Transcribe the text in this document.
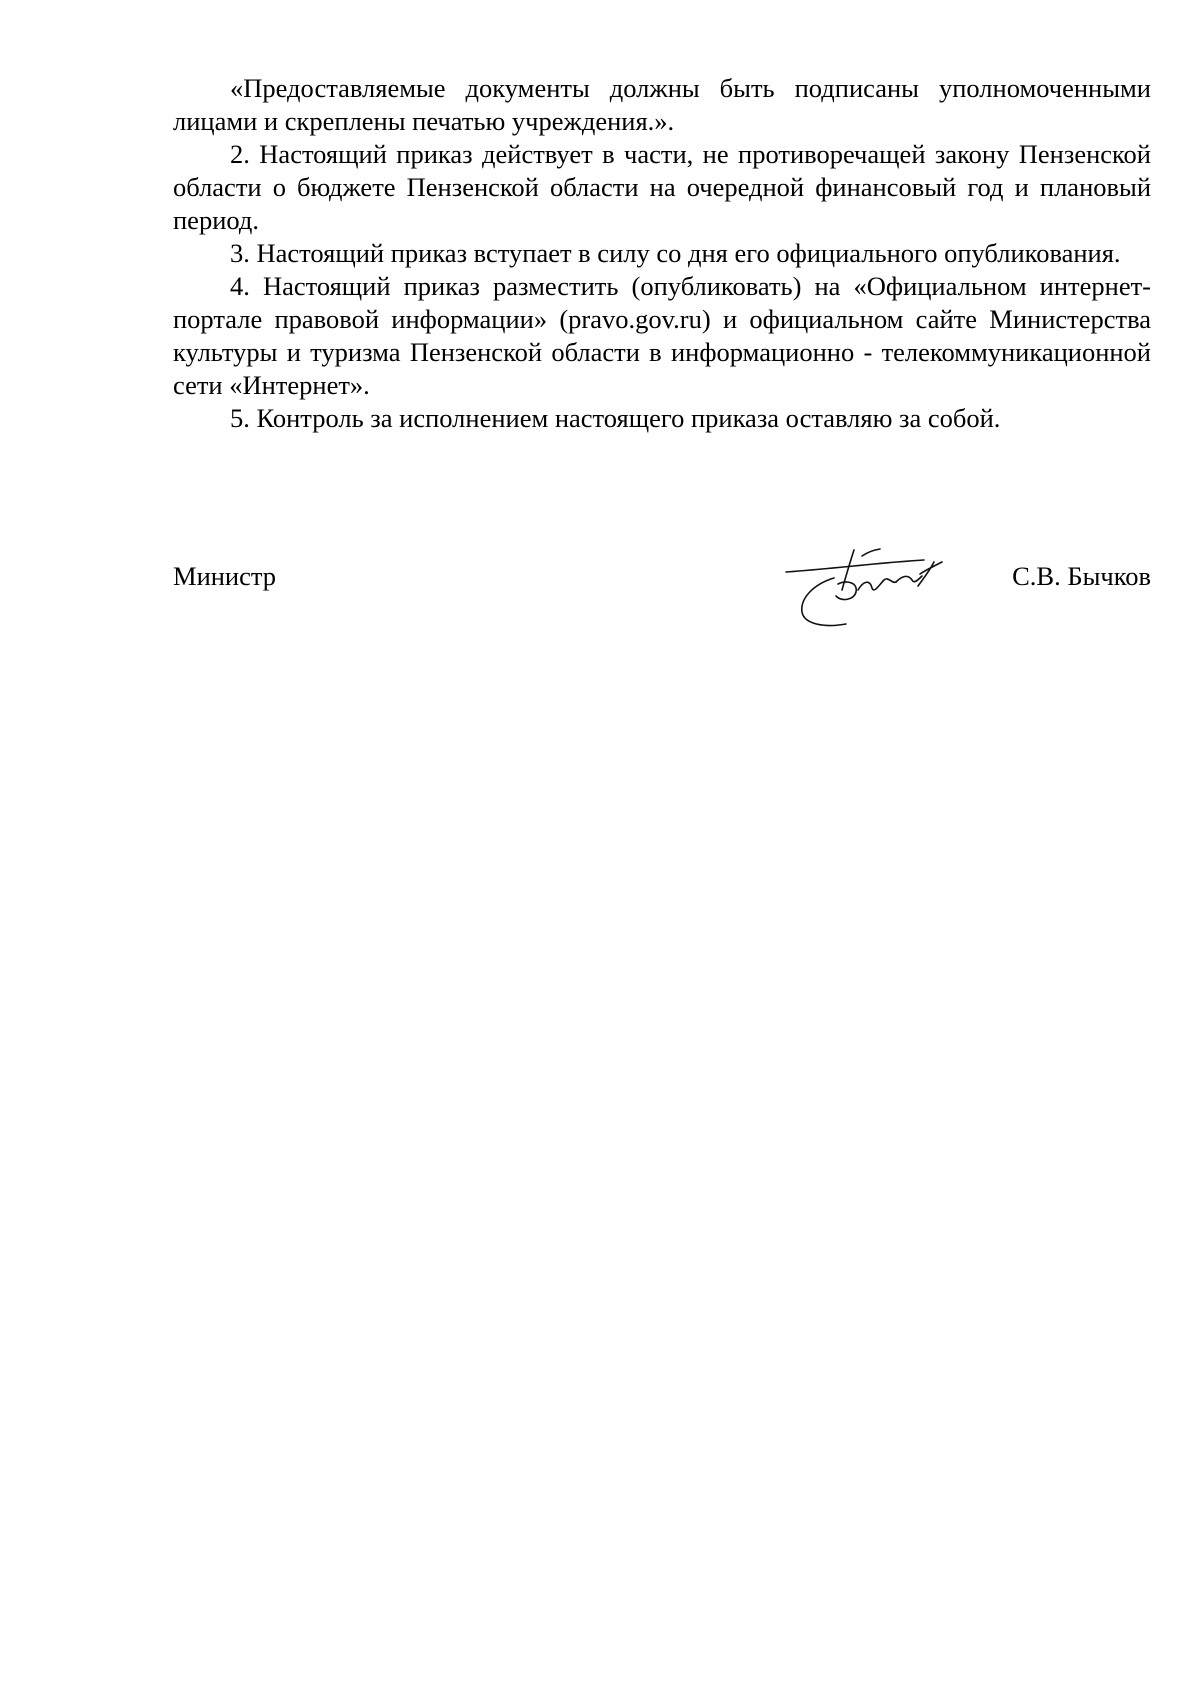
«Предоставляемые документы должны быть подписаны уполномоченными лицами и скреплены печатью учреждения.».

2. Настоящий приказ действует в части, не противоречащей закону Пензенской области о бюджете Пензенской области на очередной финансовый год и плановый период.

3. Настоящий приказ вступает в силу со дня его официального опубликования.

4. Настоящий приказ разместить (опубликовать) на «Официальном интернет-портале правовой информации» (pravo.gov.ru) и официальном сайте Министерства культуры и туризма Пензенской области в информационно - телекоммуникационной сети «Интернет».

5. Контроль за исполнением настоящего приказа оставляю за собой.

Министр	С.В. Бычков
